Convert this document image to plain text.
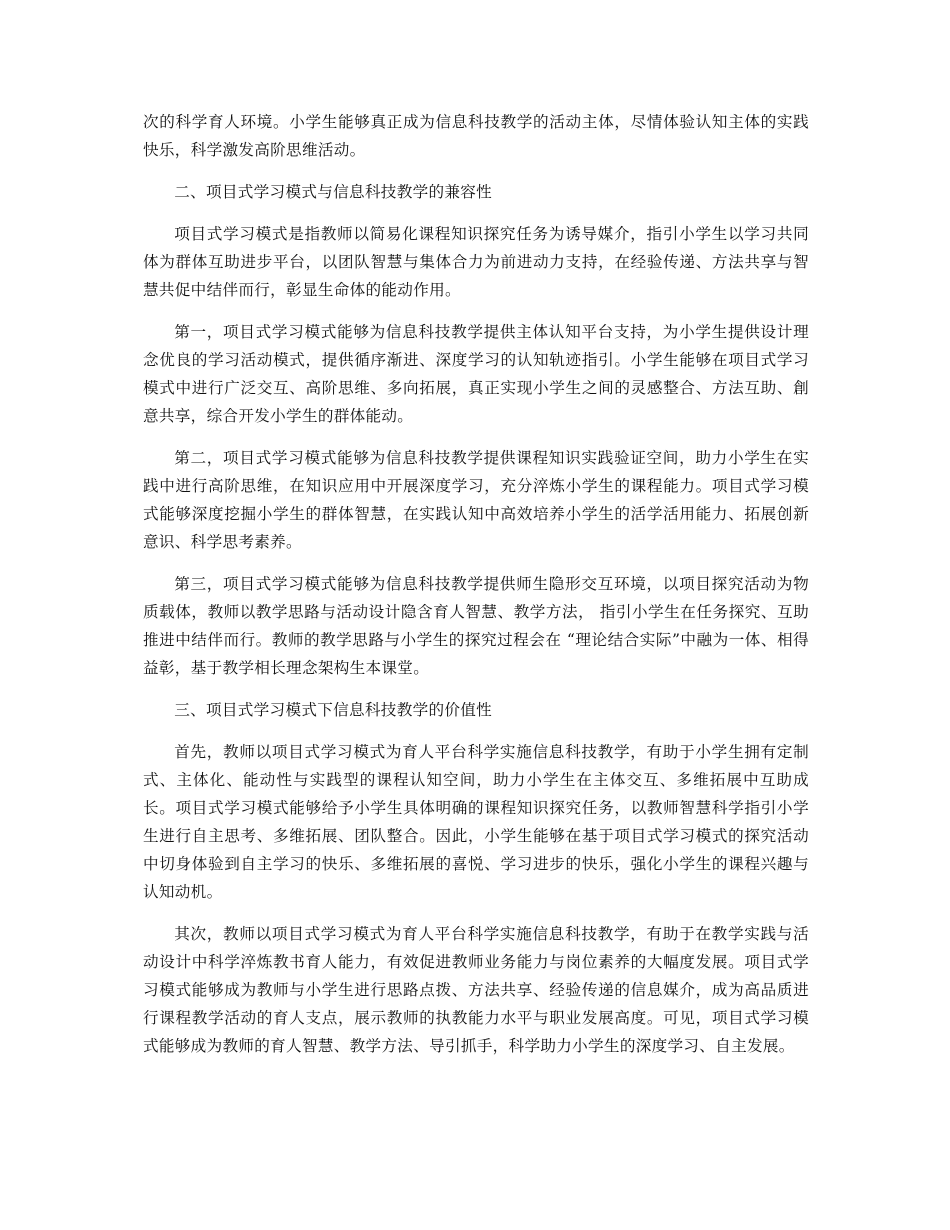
次的科学育人环境。小学生能够真正成为信息科技教学的活动主体，尽情体验认知主体的实践快乐，科学激发高阶思维活动。

二、项目式学习模式与信息科技教学的兼容性

项目式学习模式是指教师以简易化课程知识探究任务为诱导媒介，指引小学生以学习共同体为群体互助进步平台，以团队智慧与集体合力为前进动力支持，在经验传递、方法共享与智慧共促中结伴而行，彰显生命体的能动作用。

第一，项目式学习模式能够为信息科技教学提供主体认知平台支持，为小学生提供设计理念优良的学习活动模式，提供循序渐进、深度学习的认知轨迹指引。小学生能够在项目式学习模式中进行广泛交互、高阶思维、多向拓展，真正实现小学生之间的灵感整合、方法互助、創意共享，综合开发小学生的群体能动。

第二，项目式学习模式能够为信息科技教学提供课程知识实践验证空间，助力小学生在实践中进行高阶思维，在知识应用中开展深度学习，充分淬炼小学生的课程能力。项目式学习模式能够深度挖掘小学生的群体智慧，在实践认知中高效培养小学生的活学活用能力、拓展创新意识、科学思考素养。

第三，项目式学习模式能够为信息科技教学提供师生隐形交互环境，以项目探究活动为物质载体，教师以教学思路与活动设计隐含育人智慧、教学方法， 指引小学生在任务探究、互助推进中结伴而行。教师的教学思路与小学生的探究过程会在 “理论结合实际”中融为一体、相得益彰，基于教学相长理念架构生本课堂。

三、项目式学习模式下信息科技教学的价值性

首先，教师以项目式学习模式为育人平台科学实施信息科技教学，有助于小学生拥有定制式、主体化、能动性与实践型的课程认知空间，助力小学生在主体交互、多维拓展中互助成长。项目式学习模式能够给予小学生具体明确的课程知识探究任务，以教师智慧科学指引小学生进行自主思考、多维拓展、团队整合。因此，小学生能够在基于项目式学习模式的探究活动中切身体验到自主学习的快乐、多维拓展的喜悦、学习进步的快乐，强化小学生的课程兴趣与认知动机。

其次，教师以项目式学习模式为育人平台科学实施信息科技教学，有助于在教学实践与活动设计中科学淬炼教书育人能力，有效促进教师业务能力与岗位素养的大幅度发展。项目式学习模式能够成为教师与小学生进行思路点拨、方法共享、经验传递的信息媒介，成为高品质进行课程教学活动的育人支点，展示教师的执教能力水平与职业发展高度。可见，项目式学习模式能够成为教师的育人智慧、教学方法、导引抓手，科学助力小学生的深度学习、自主发展。
